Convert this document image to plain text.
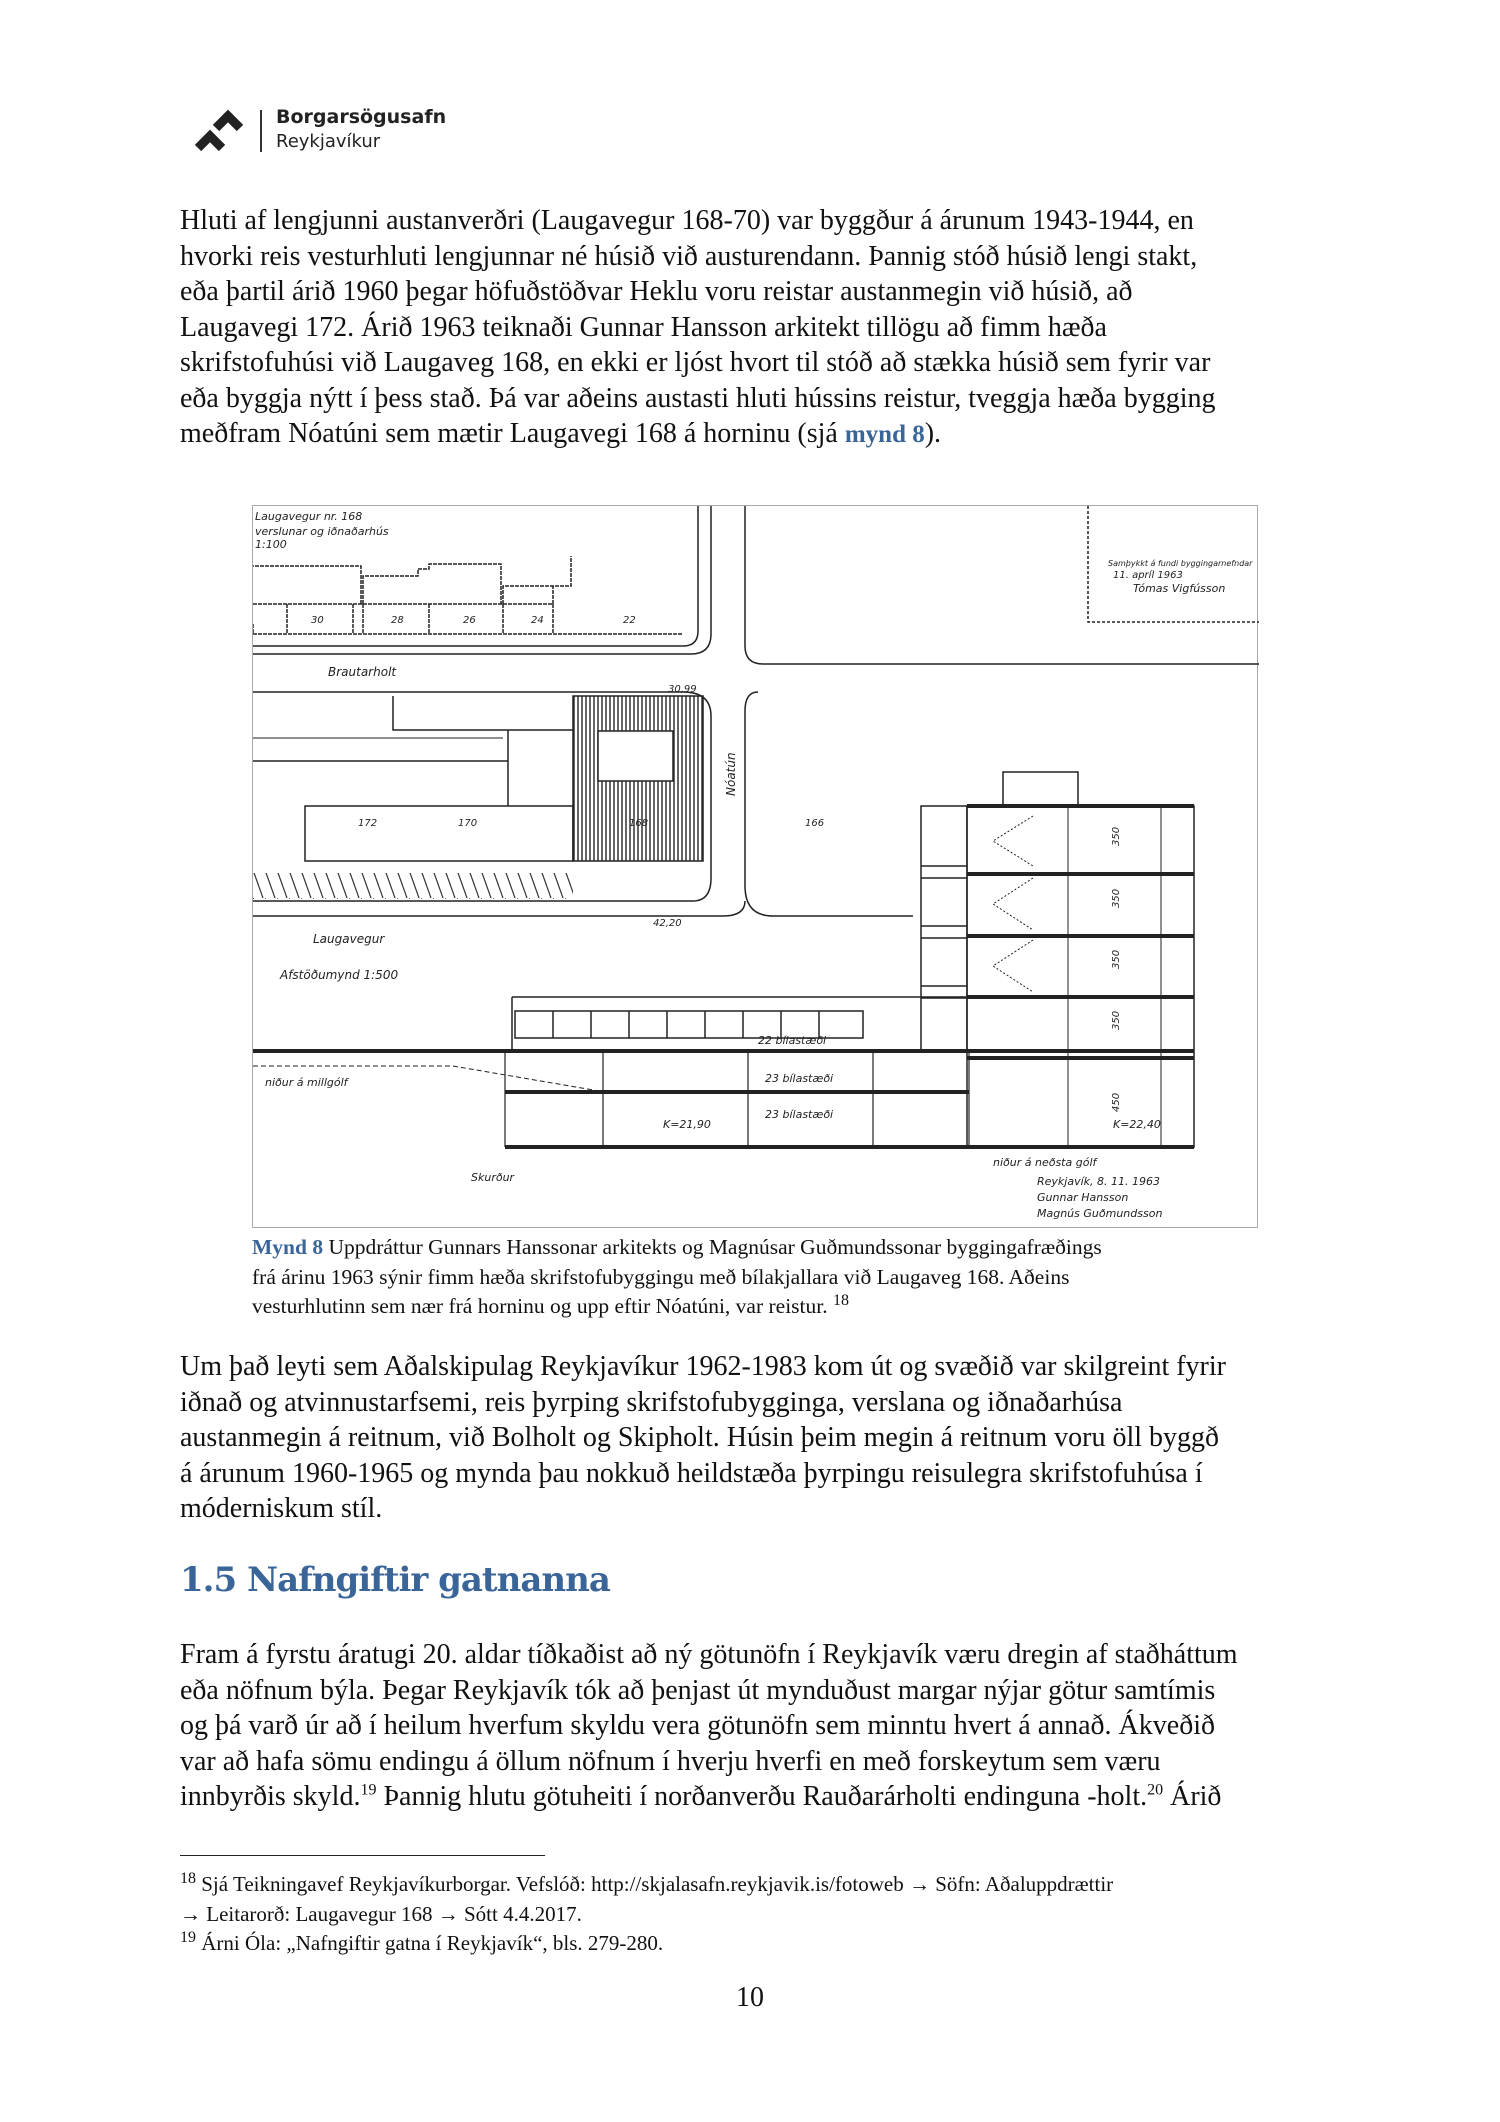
Borgarsögusafn
Reykjavíkur
Hluti af lengjunni austanverðri (Laugavegur 168-70) var byggður á árunum 1943-1944, en
hvorki reis vesturhluti lengjunnar né húsið við austurendann. Þannig stóð húsið lengi stakt,
eða þartil árið 1960 þegar höfuðstöðvar Heklu voru reistar austanmegin við húsið, að
Laugavegi 172. Árið 1963 teiknaði Gunnar Hansson arkitekt tillögu að fimm hæða
skrifstofuhúsi við Laugaveg 168, en ekki er ljóst hvort til stóð að stækka húsið sem fyrir var
eða byggja nýtt í þess stað. Þá var aðeins austasti hluti hússins reistur, tveggja hæða bygging
meðfram Nóatúni sem mætir Laugavegi 168 á horninu (sjá mynd 8).
Laugavegur nr. 168
verslunar og iðnaðarhús
1:100
30	28	26	24	22
Brautarholt
30,99
172	170	168	166
42,20
Nóatún
Laugavegur
Afstöðumynd 1:500
350
350
350
350
450
22 bílastæði
23 bílastæði
23 bílastæði
niður á millgólf
niður á neðsta gólf
K=21,90	K=22,40
Skurður
Samþykkt á fundi byggingarnefndar
11. apríl 1963
Tómas Vigfússon
Reykjavík, 8. 11. 1963
Gunnar Hansson
Magnús Guðmundsson
Mynd 8 Uppdráttur Gunnars Hanssonar arkitekts og Magnúsar Guðmundssonar byggingafræðings
frá árinu 1963 sýnir fimm hæða skrifstofubyggingu með bílakjallara við Laugaveg 168. Aðeins
vesturhlutinn sem nær frá horninu og upp eftir Nóatúni, var reistur. $^{18}$
Um það leyti sem Aðalskipulag Reykjavíkur 1962-1983 kom út og svæðið var skilgreint fyrir
iðnað og atvinnustarfsemi, reis þyrping skrifstofubygginga, verslana og iðnaðarhúsa
austanmegin á reitnum, við Bolholt og Skipholt. Húsin þeim megin á reitnum voru öll byggð
á árunum 1960-1965 og mynda þau nokkuð heildstæða þyrpingu reisulegra skrifstofuhúsa í
móderniskum stíl.
1.5 Nafngiftir gatnanna
Fram á fyrstu áratugi 20. aldar tíðkaðist að ný götunöfn í Reykjavík væru dregin af staðháttum
eða nöfnum býla. Þegar Reykjavík tók að þenjast út mynduðust margar nýjar götur samtímis
og þá varð úr að í heilum hverfum skyldu vera götunöfn sem minntu hvert á annað. Ákveðið
var að hafa sömu endingu á öllum nöfnum í hverju hverfi en með forskeytum sem væru
innbyrðis skyld.$^{19}$ Þannig hlutu götuheiti í norðanverðu Rauðarárholti endinguna -holt.$^{20}$ Árið
$^{18}$ Sjá Teikningavef Reykjavíkurborgar. Vefslóð: http://skjalasafn.reykjavik.is/fotoweb → Söfn: Aðaluppdrættir
→ Leitarorð: Laugavegur 168 → Sótt 4.4.2017.
$^{19}$ Árni Óla: „Nafngiftir gatna í Reykjavík“, bls. 279-280.
10
